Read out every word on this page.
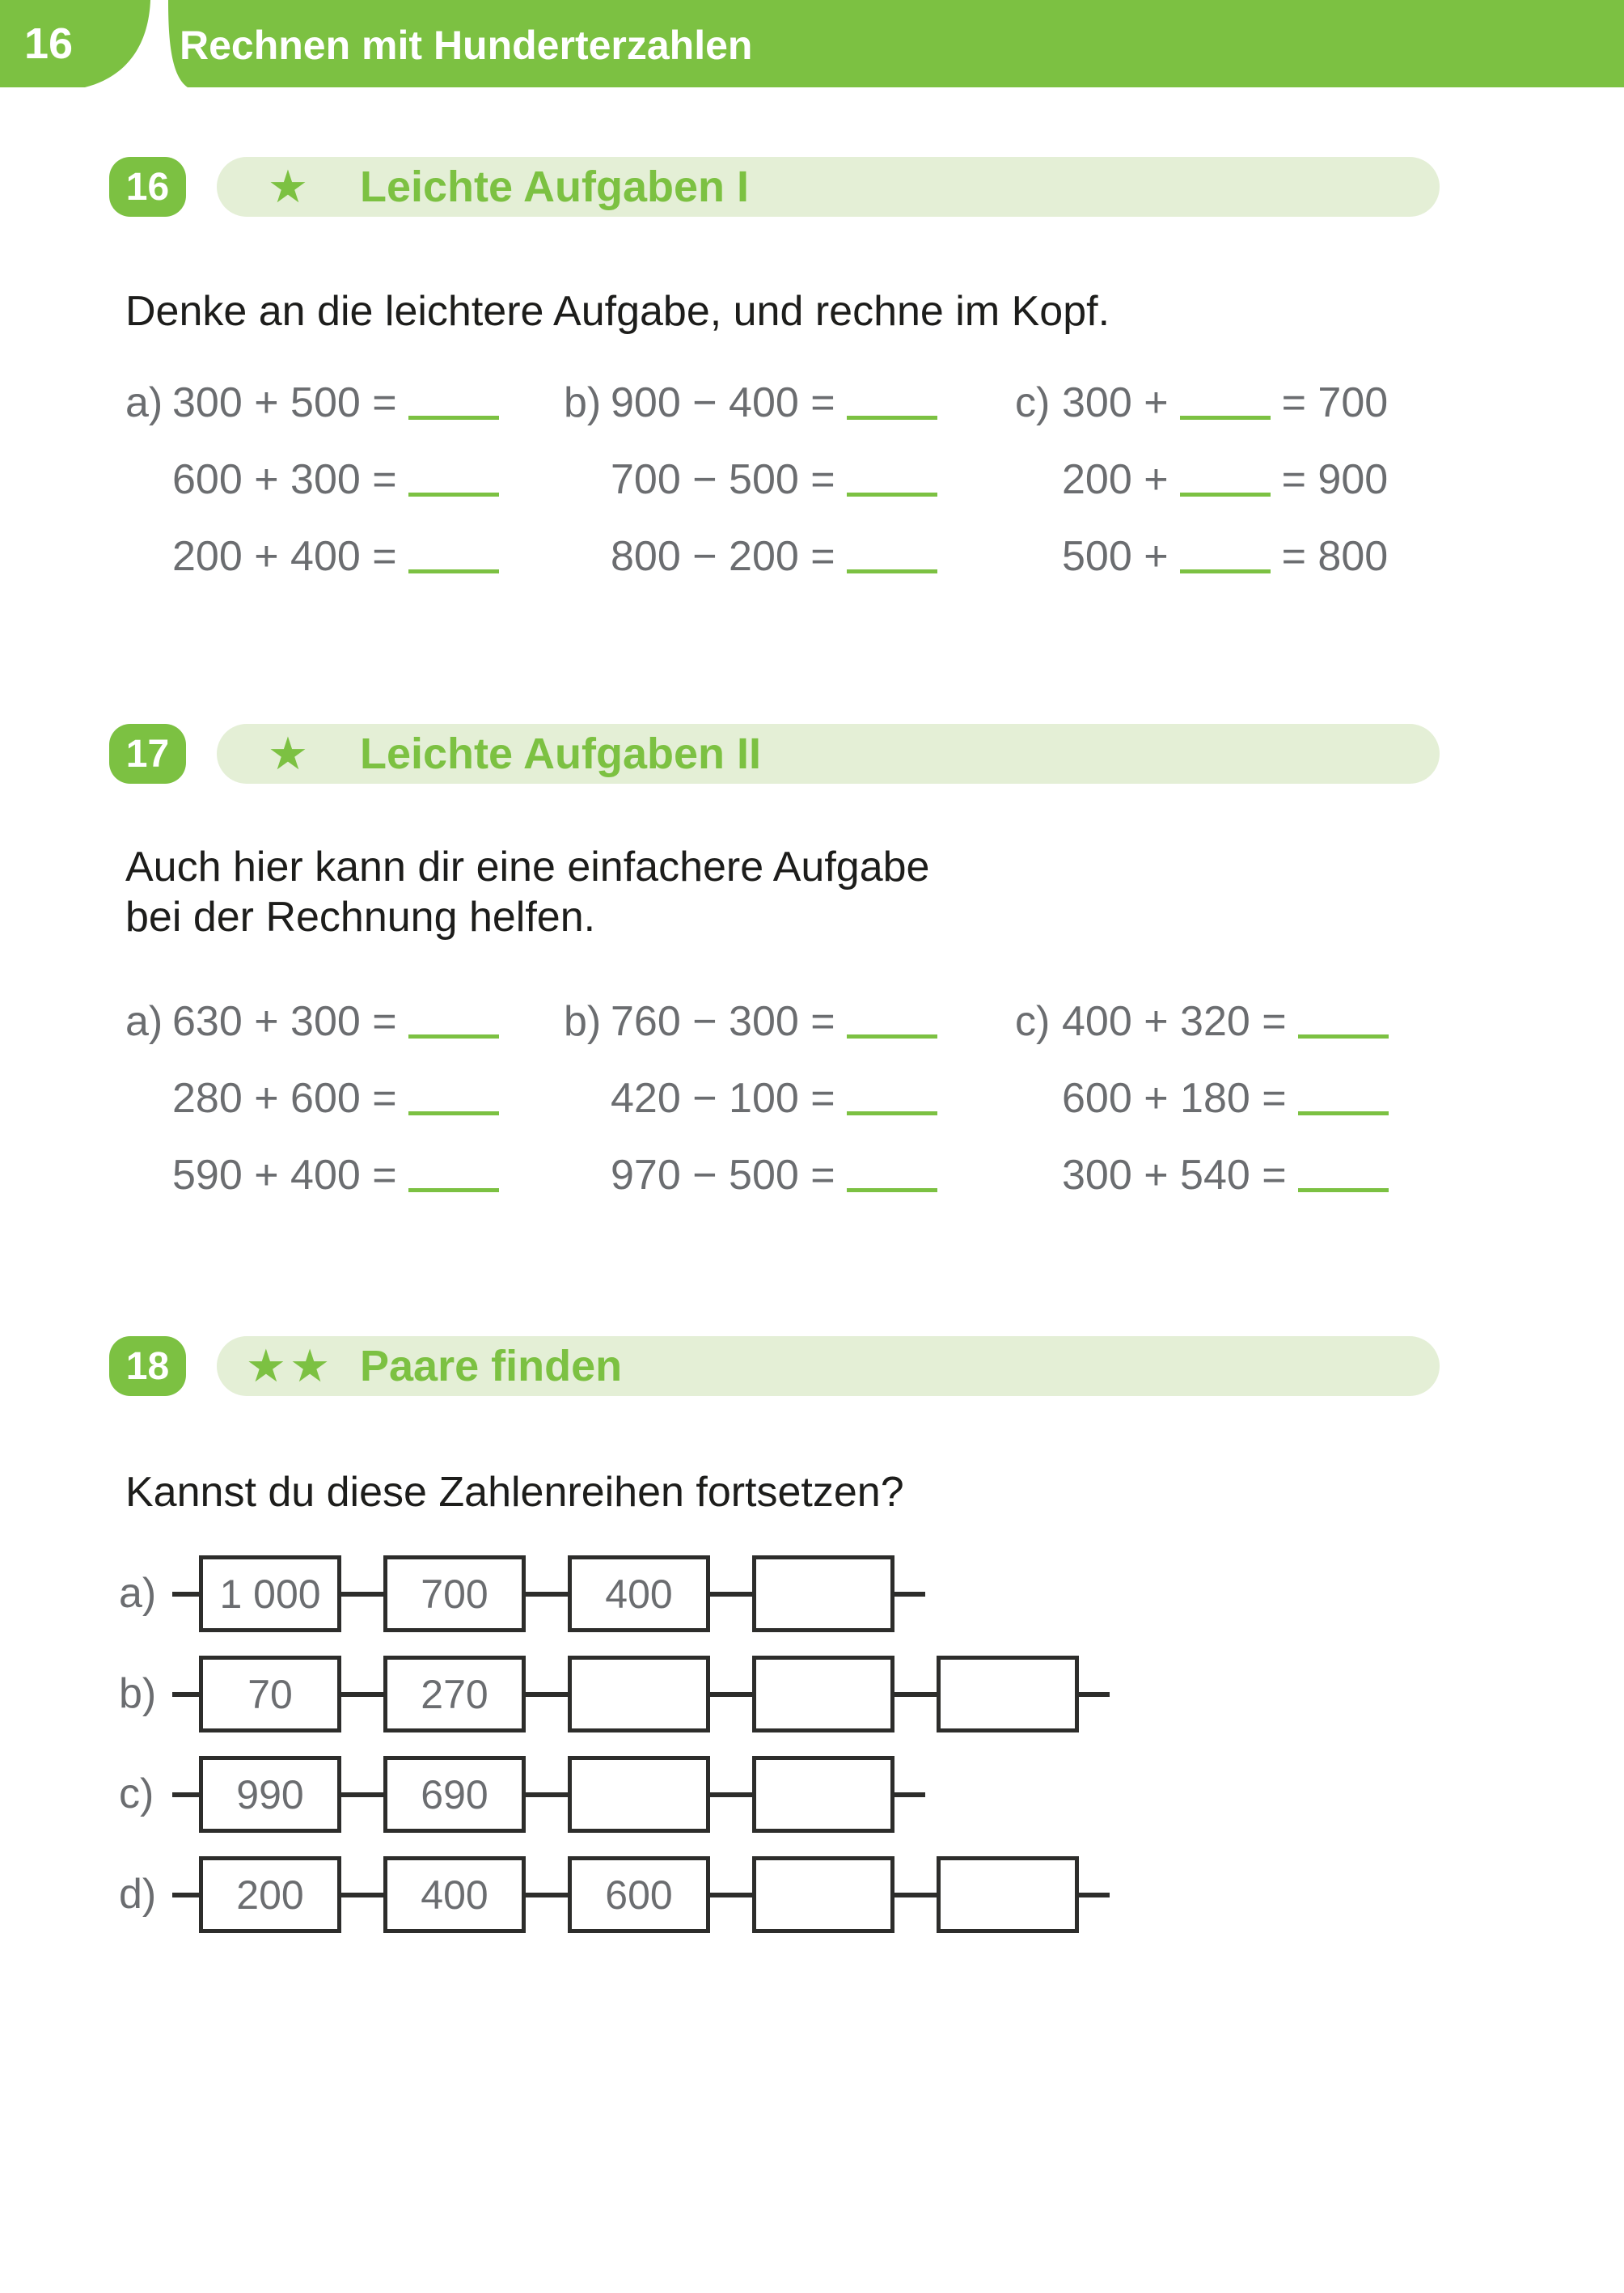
16	Rechnen mit Hunderterzahlen
16	★	Leichte Aufgaben I
Denke an die leichtere Aufgabe, und rechne im Kopf.
a) 300 + 500 =
600 + 300 =
200 + 400 =
b) 900 − 400 =
700 − 500 =
800 − 200 =
c) 300 +	= 700
200 +	= 900
500 +	= 800
17	★	Leichte Aufgaben II
Auch hier kann dir eine einfachere Aufgabe
bei der Rechnung helfen.
a) 630 + 300 =
280 + 600 =
590 + 400 =
b) 760 − 300 =
420 − 100 =
970 − 500 =
c) 400 + 320 =
600 + 180 =
300 + 540 =
18	★★ Paare finden
Kannst du diese Zahlenreihen fortsetzen?
a)	1 000	700	400
b)	70	270
c)	990	690
d)	200	400	600
